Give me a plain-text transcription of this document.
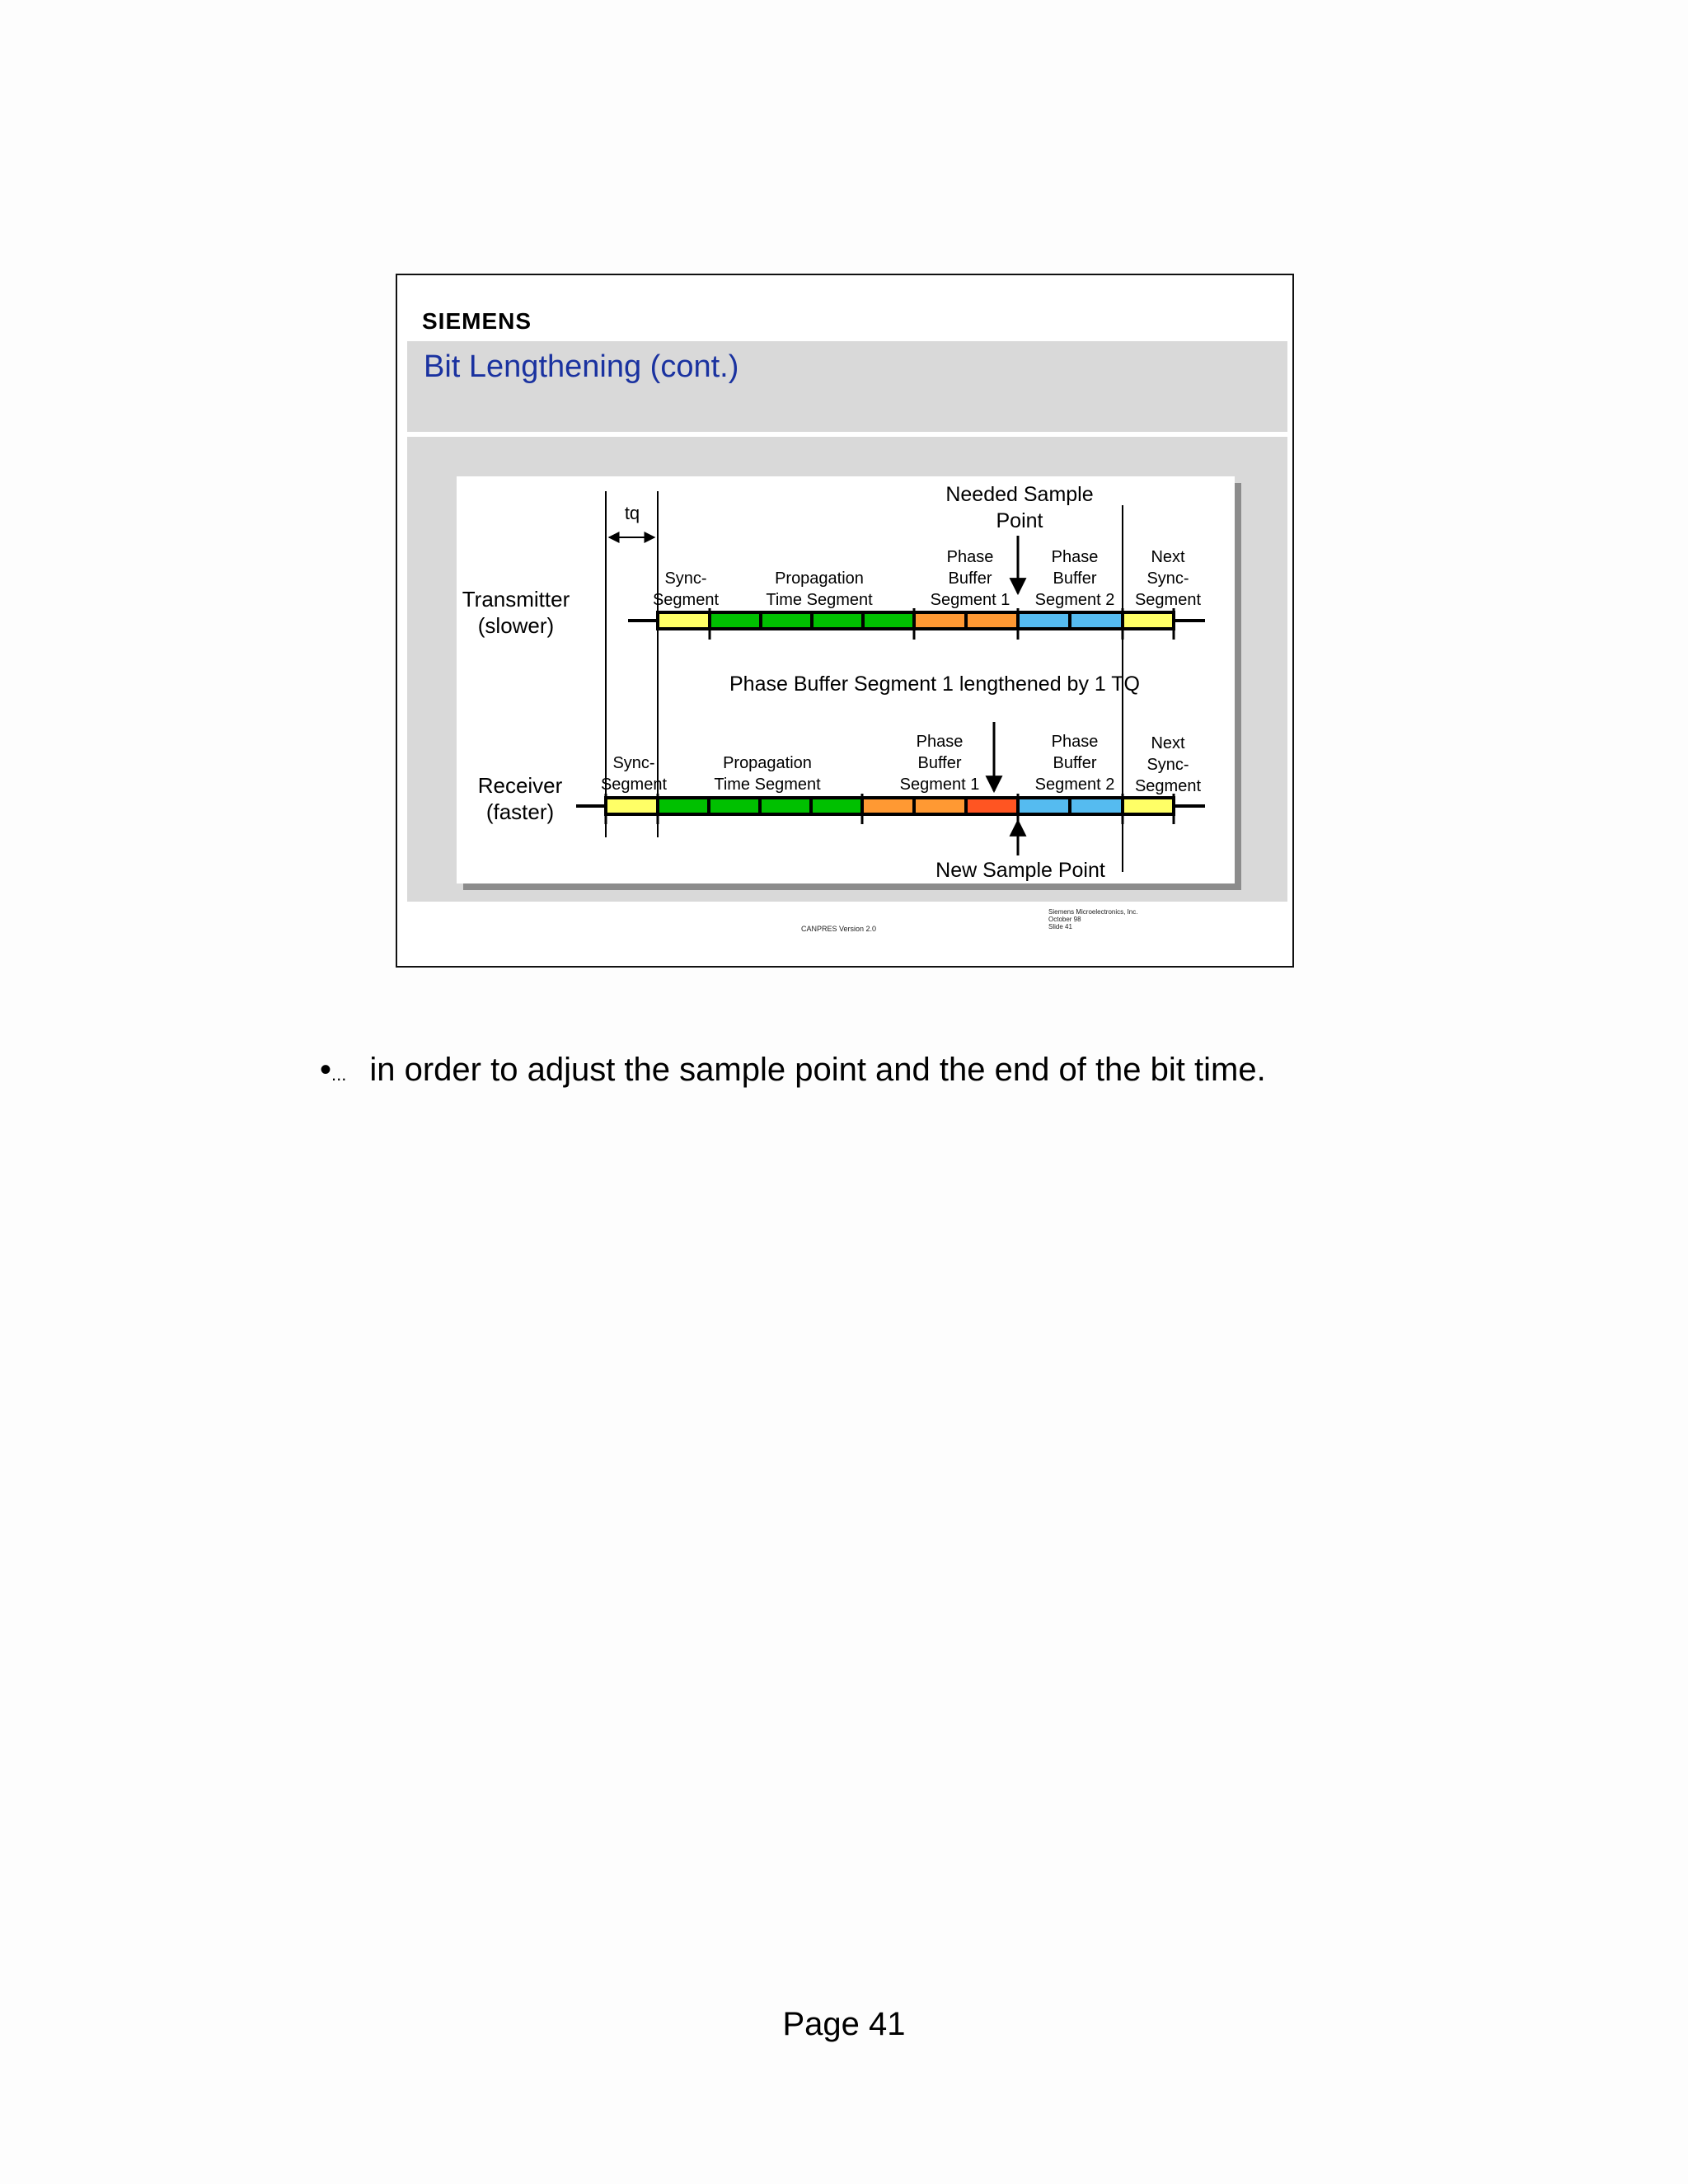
SIEMENS
Bit Lengthening (cont.)
tq
Needed Sample
Point
Transmitter
(slower)
Sync-
Segment
Propagation
Time Segment
Phase
Buffer
Segment 1
Phase
Buffer
Segment 2
Next
Sync-
Segment
Phase Buffer Segment 1 lengthened by 1 TQ
Receiver
(faster)
Sync-
Segment
Propagation
Time Segment
Phase
Buffer
Segment 1
Phase
Buffer
Segment 2
Next
Sync-
Segment
New Sample Point
CANPRES Version 2.0
Siemens Microelectronics, Inc.
October 98
Slide 41
•... in order to adjust the sample point and the end of the bit time.
Page 41
